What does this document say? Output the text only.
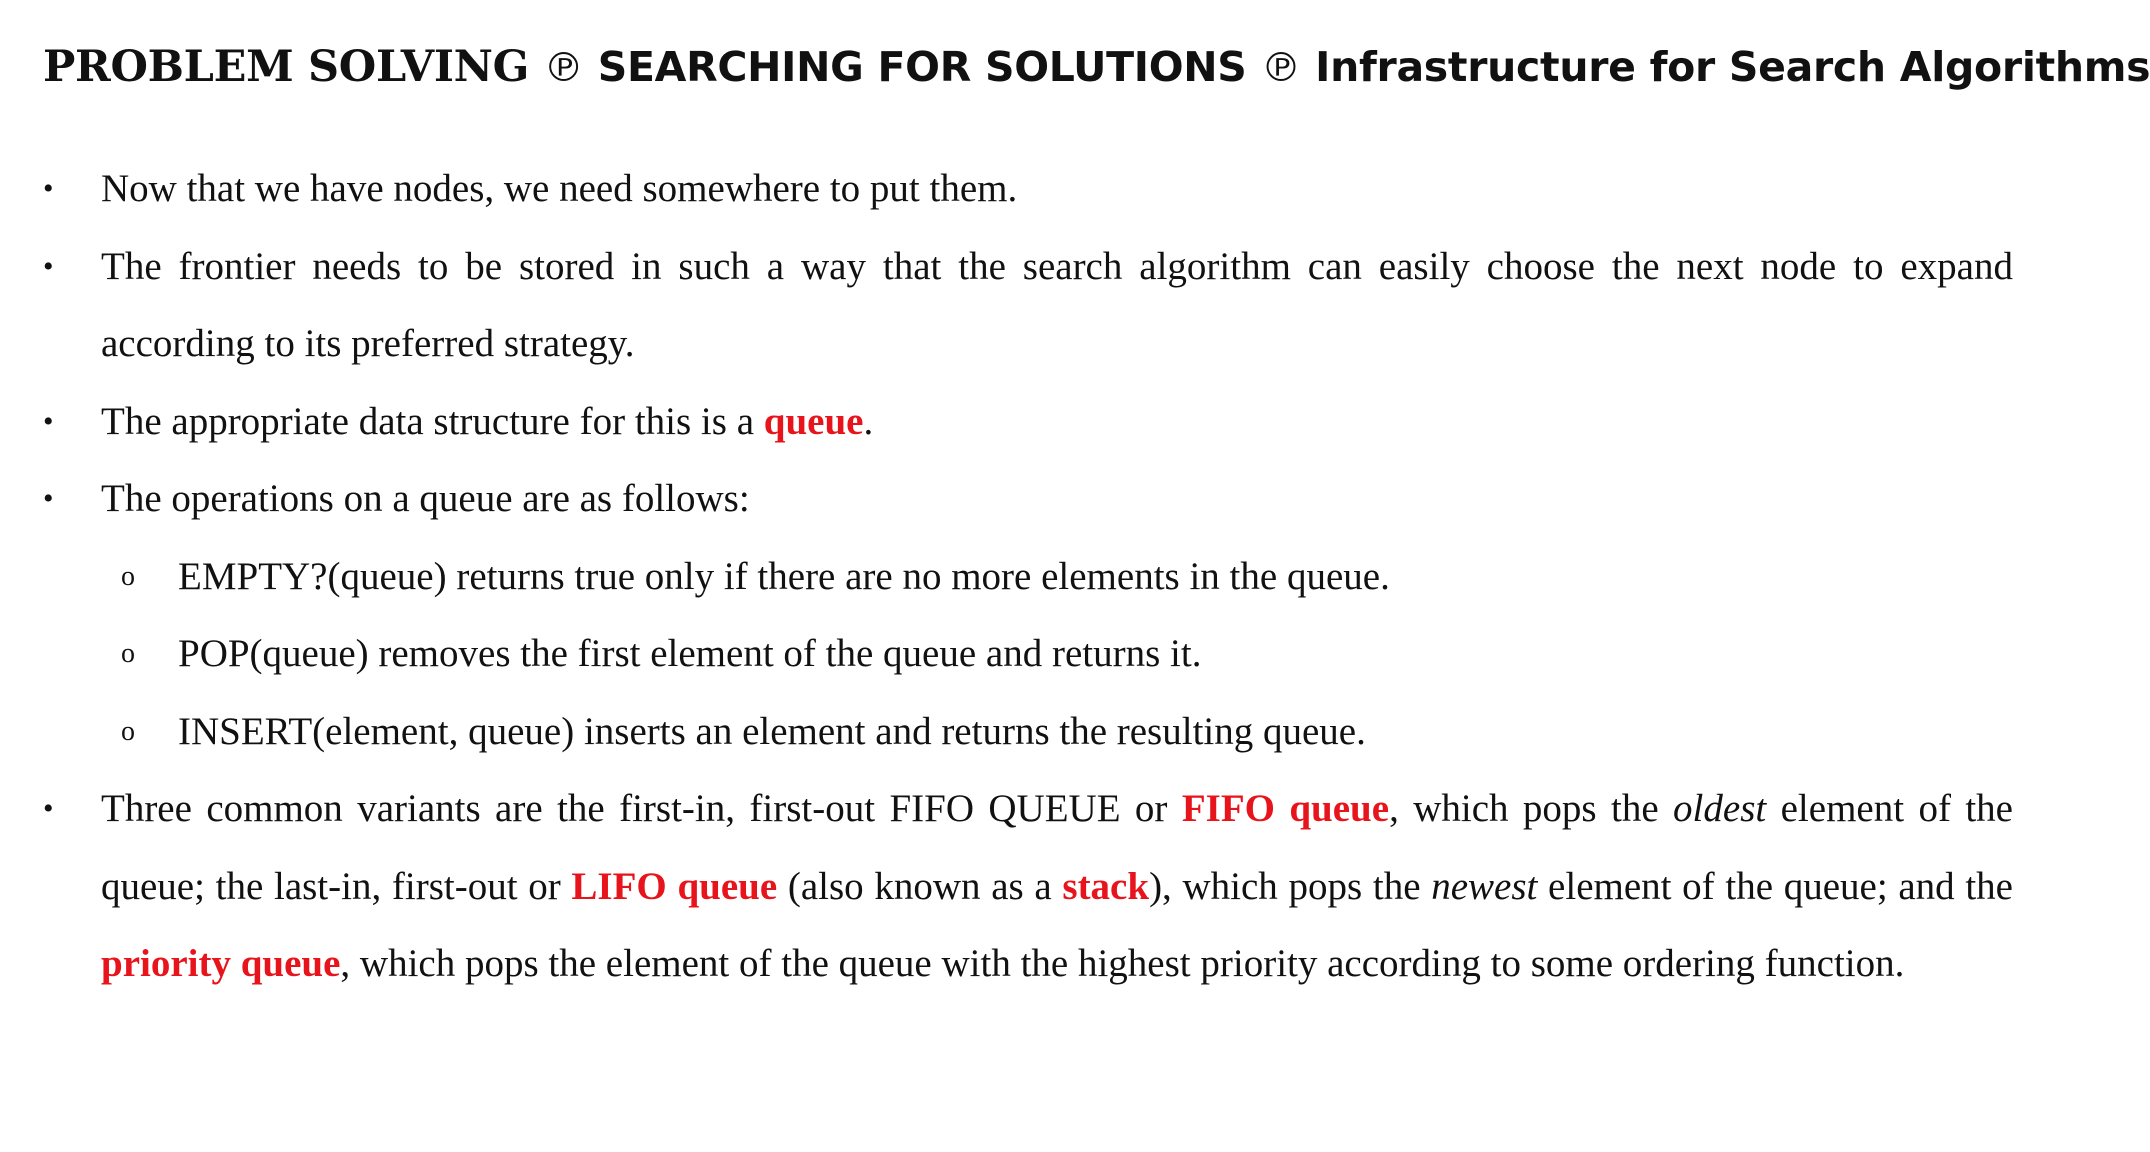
PROBLEM SOLVING ℗ SEARCHING FOR SOLUTIONS ℗ Infrastructure for Search Algorithms
• Now that we have nodes, we need somewhere to put them.
• The frontier needs to be stored in such a way that the search algorithm can easily choose the next node to expand according to its preferred strategy.
• The appropriate data structure for this is a queue.
• The operations on a queue are as follows:
o EMPTY?(queue) returns true only if there are no more elements in the queue.
o POP(queue) removes the first element of the queue and returns it.
o INSERT(element, queue) inserts an element and returns the resulting queue.
• Three common variants are the first-in, first-out FIFO QUEUE or FIFO queue, which pops the oldest element of the queue; the last-in, first-out or LIFO queue (also known as a stack), which pops the newest element of the queue; and the priority queue, which pops the element of the queue with the highest priority according to some ordering function.
